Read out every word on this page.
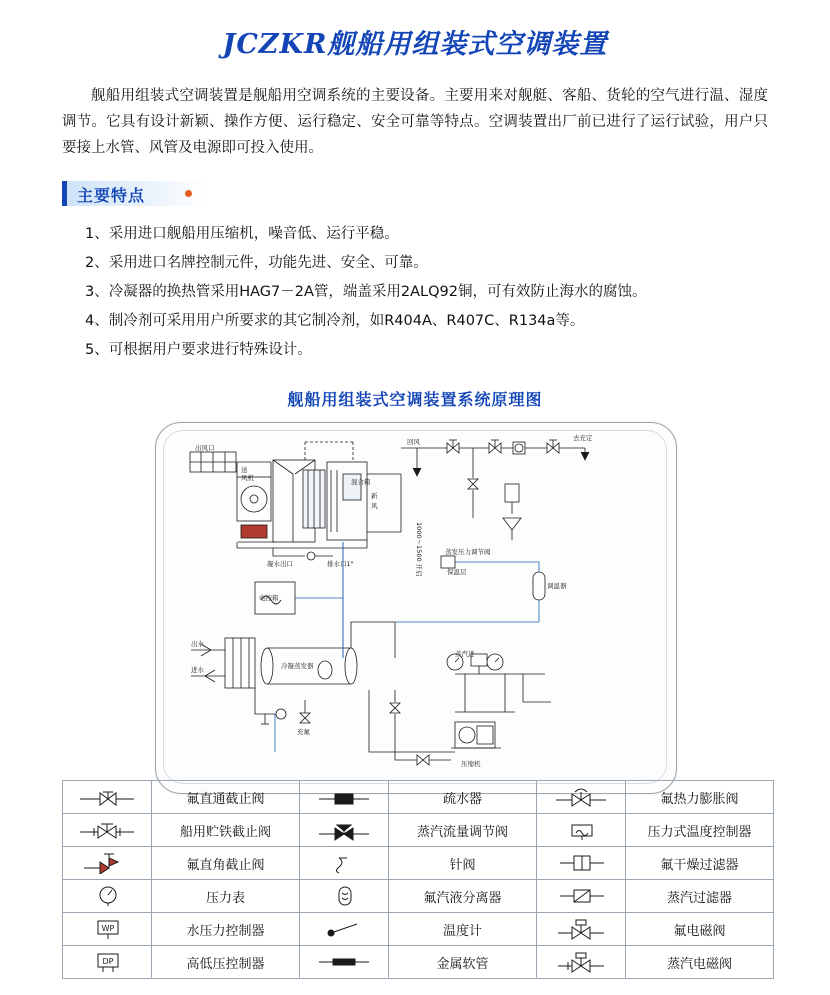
JCZKR舰船用组装式空调装置
舰船用组装式空调装置是舰船用空调系统的主要设备。主要用来对舰艇、客船、货轮的空气进行温、湿度调节。它具有设计新颖、操作方便、运行稳定、安全可靠等特点。空调装置出厂前已进行了运行试验，用户只要接上水管、风管及电源即可投入使用。
主要特点
1、采用进口舰船用压缩机，噪音低、运行平稳。
2、采用进口名牌控制元件，功能先进、安全、可靠。
3、冷凝器的换热管采用HAG7－2A管，端盖采用2ALQ92铜，可有效防止海水的腐蚀。
4、制冷剂可采用用户所要求的其它制冷剂，如R404A、R407C、R134a等。
5、可根据用户要求进行特殊设计。
舰船用组装式空调装置系统原理图
出风口
送
风机
回风
混合箱
新
风
凝水出口	排水口1"
去充定
电控箱
蒸发压力调节阀
保温层
调温器
出水
进水	冷凝蒸发器
充氟
压缩机
蒸汽进
1000～1500 开启
	氟直通截止阀		疏水器		氟热力膨胀阀

	船用贮铁截止阀		蒸汽流量调节阀		压力式温度控制器

	氟直角截止阀		针阀		氟干燥过滤器

	压力表		氟汽液分离器		蒸汽过滤器

WP	水压力控制器		温度计		氟电磁阀

DP	高低压控制器		金属软管		蒸汽电磁阀
